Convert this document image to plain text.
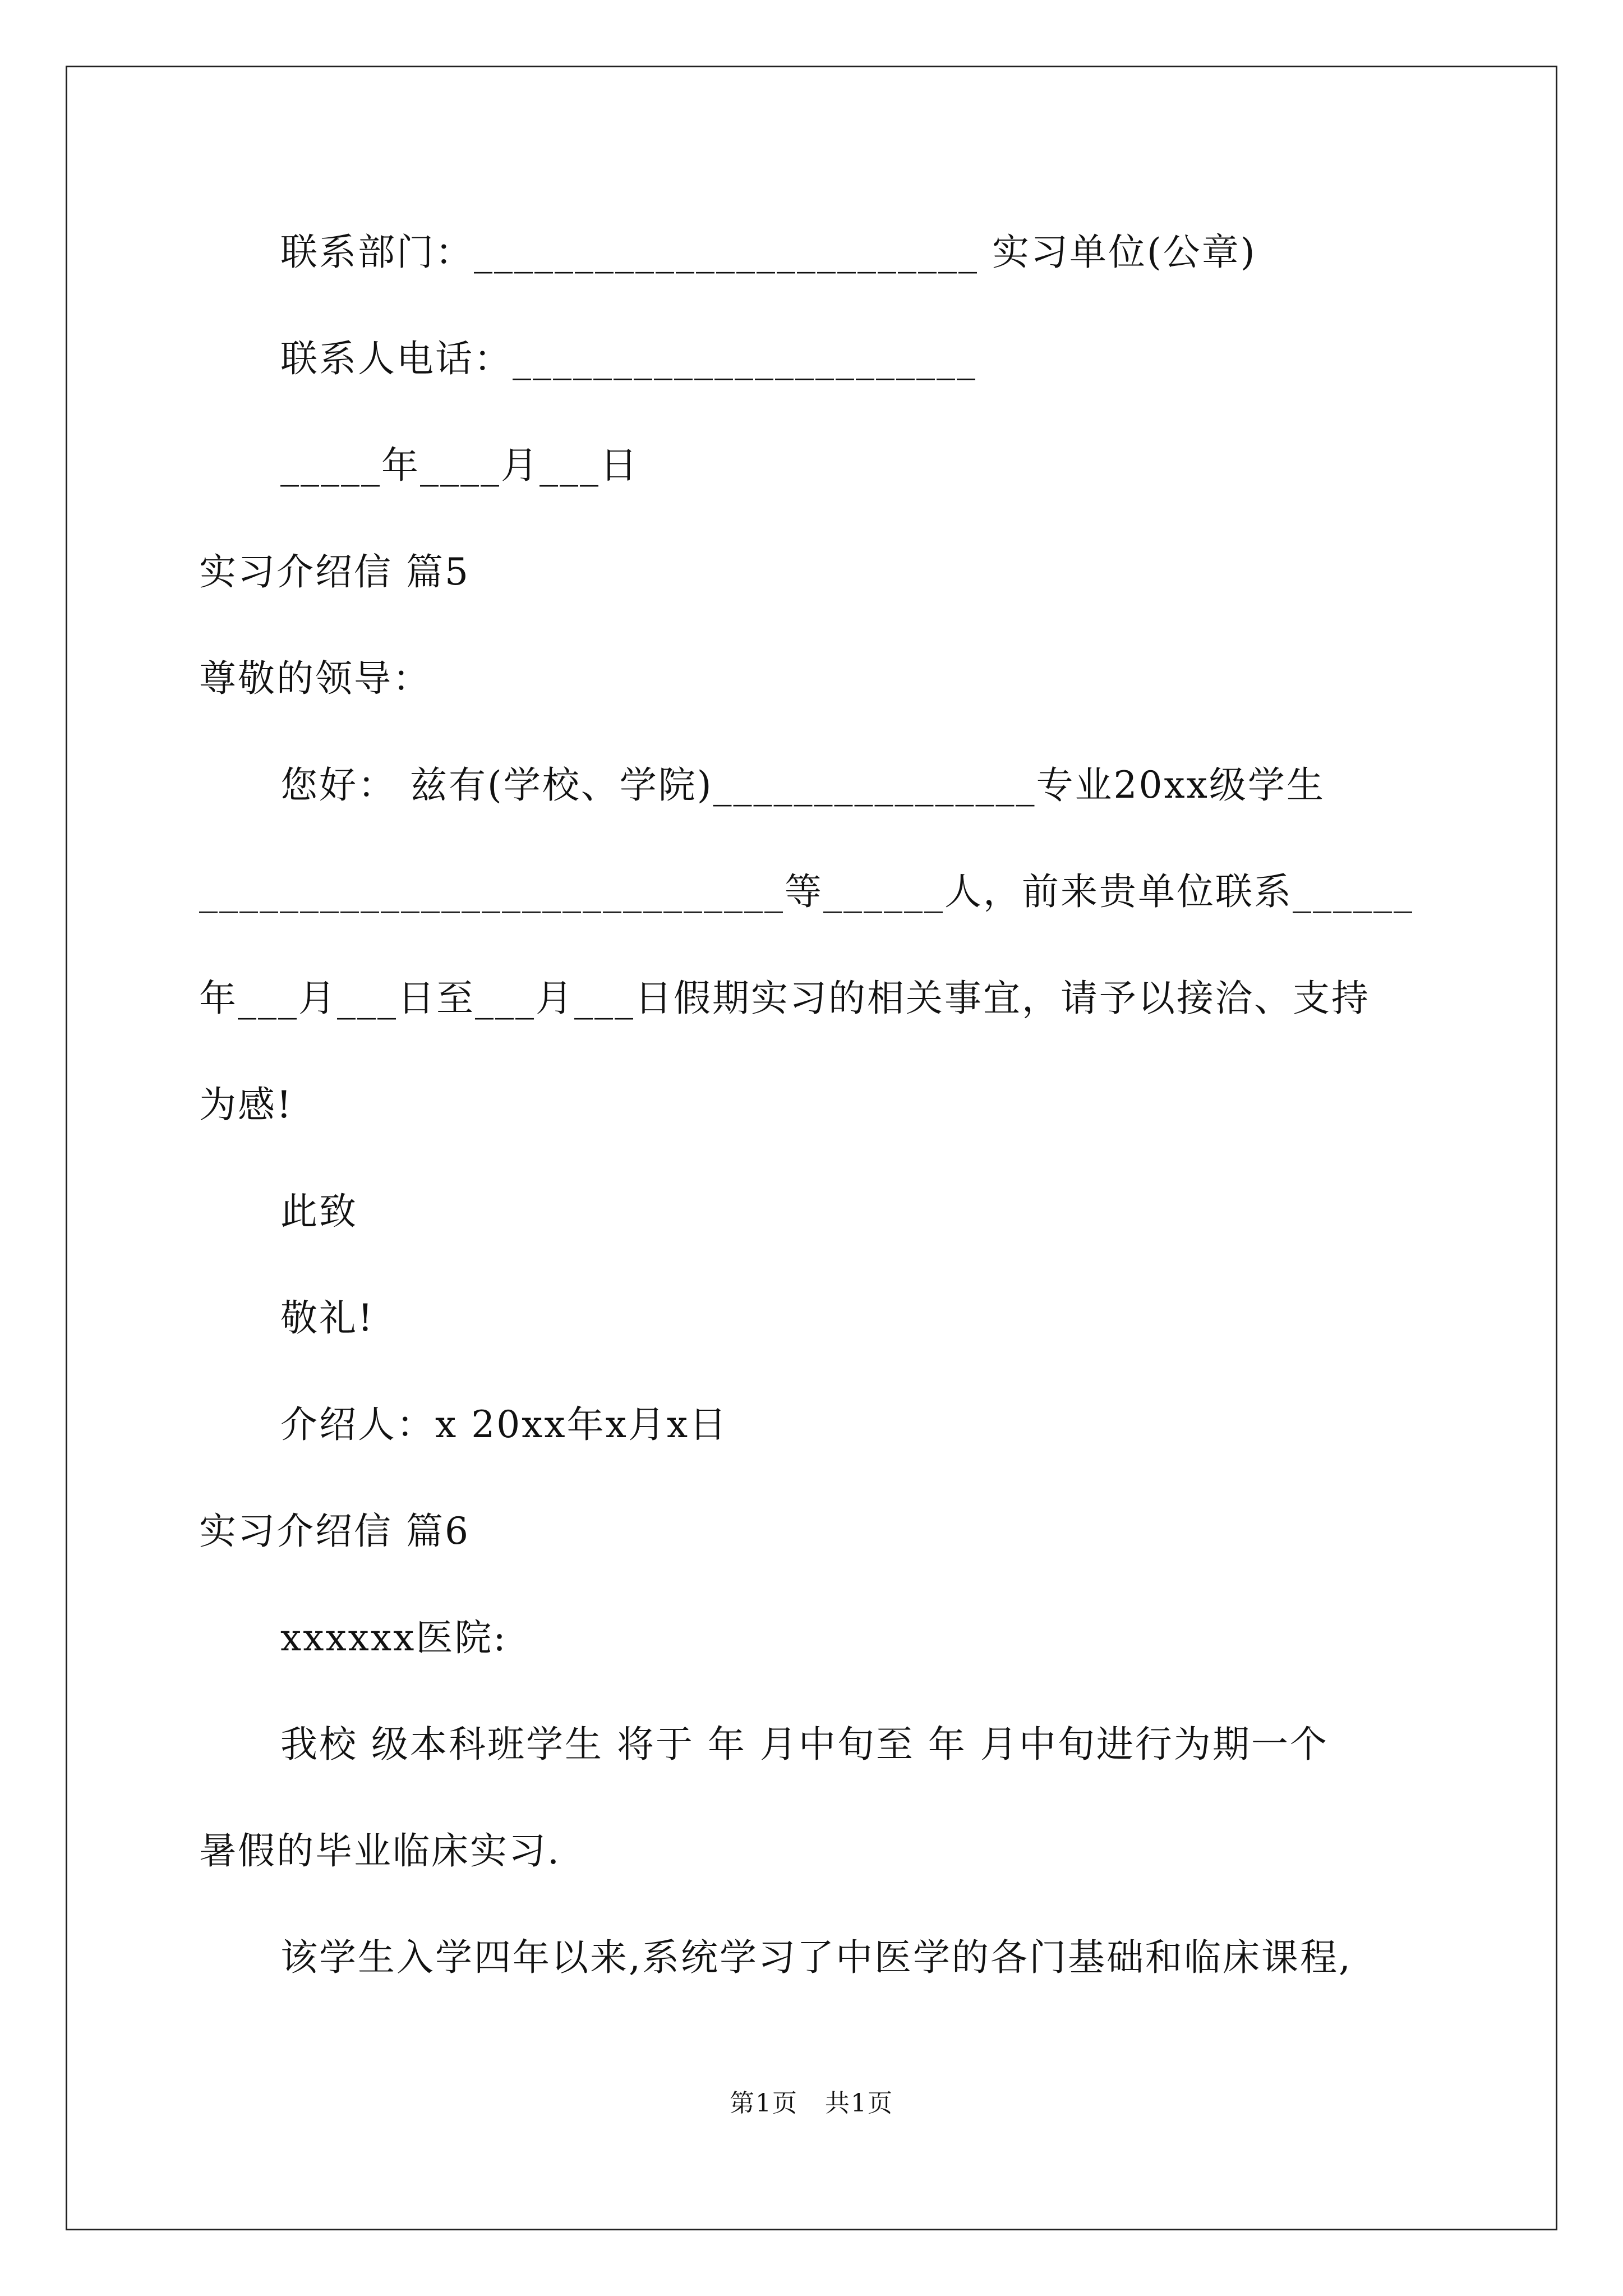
联系部门：_________________________ 实习单位(公章)
联系人电话：_______________________
_____年____月___日
实习介绍信 篇5
尊敬的领导：
您好： 兹有(学校、学院)________________专业20xx级学生
_____________________________等______人，前来贵单位联系______
年___月___日至___月___日假期实习的相关事宜，请予以接洽、支持
为感!
此致
敬礼!
介绍人：x 20xx年x月x日
实习介绍信 篇6
xxxxxx医院:
我校 级本科班学生 将于 年 月中旬至 年 月中旬进行为期一个
暑假的毕业临床实习.
该学生入学四年以来,系统学习了中医学的各门基础和临床课程,
第1页   共1页
